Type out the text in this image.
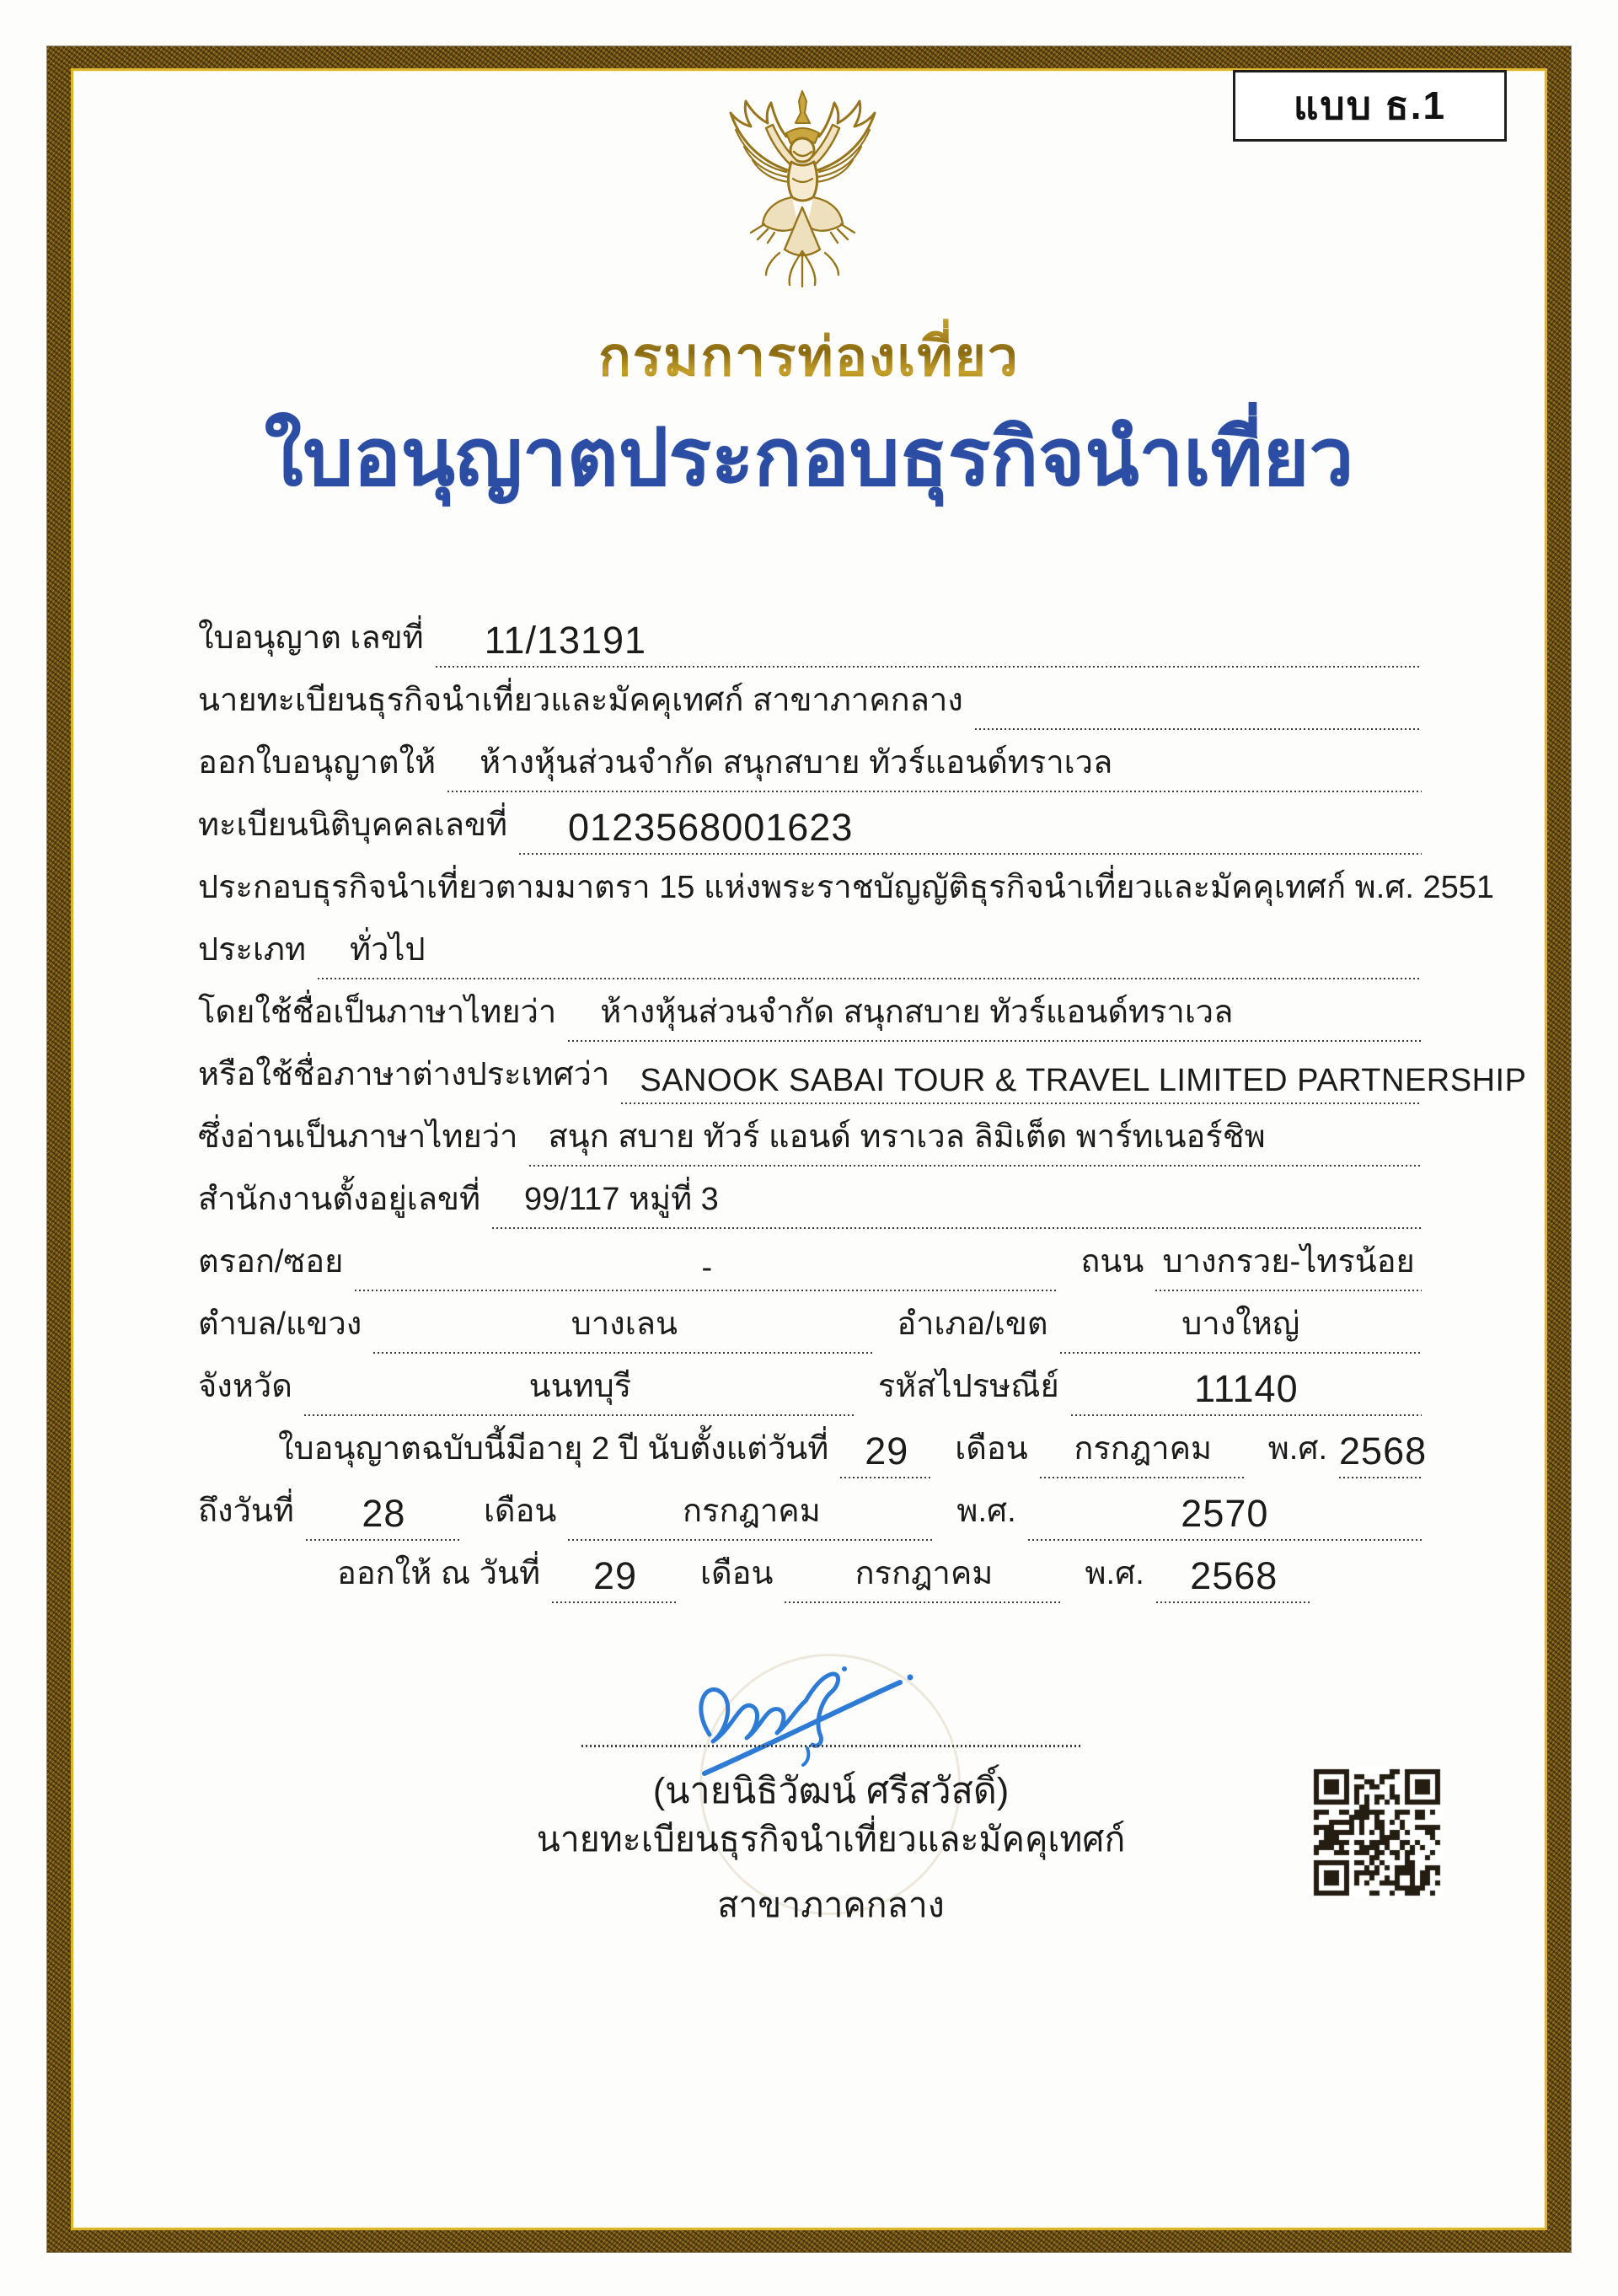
แบบ ธ.1
กรมการท่องเที่ยว
ใบอนุญาตประกอบธุรกิจนำเที่ยว
ใบอนุญาต เลขที่	11/13191
นายทะเบียนธุรกิจนำเที่ยวและมัคคุเทศก์ สาขาภาคกลาง
ออกใบอนุญาตให้	ห้างหุ้นส่วนจำกัด สนุกสบาย ทัวร์แอนด์ทราเวล
ทะเบียนนิติบุคคลเลขที่	0123568001623
ประกอบธุรกิจนำเที่ยวตามมาตรา 15 แห่งพระราชบัญญัติธุรกิจนำเที่ยวและมัคคุเทศก์ พ.ศ. 2551
ประเภท	ทั่วไป
โดยใช้ชื่อเป็นภาษาไทยว่า	ห้างหุ้นส่วนจำกัด สนุกสบาย ทัวร์แอนด์ทราเวล
หรือใช้ชื่อภาษาต่างประเทศว่า SANOOK SABAI TOUR & TRAVEL LIMITED PARTNERSHIP
ซึ่งอ่านเป็นภาษาไทยว่า สนุก สบาย ทัวร์ แอนด์ ทราเวล ลิมิเต็ด พาร์ทเนอร์ชิพ
สำนักงานตั้งอยู่เลขที่	99/117 หมู่ที่ 3
ตรอก/ซอย	-	ถนน บางกรวย-ไทรน้อย
ตำบล/แขวง	บางเลน	อำเภอ/เขต	บางใหญ่
จังหวัด	นนทบุรี	รหัสไปรษณีย์	11140
ใบอนุญาตฉบับนี้มีอายุ 2 ปี นับตั้งแต่วันที่ 29	เดือน	กรกฎาคม	พ.ศ. 2568
ถึงวันที่	28	เดือน	กรกฎาคม	พ.ศ.	2570
ออกให้ ณ วันที่	29	เดือน	กรกฎาคม	พ.ศ.	2568
(นายนิธิวัฒน์ ศรีสวัสดิ์)
นายทะเบียนธุรกิจนำเที่ยวและมัคคุเทศก์
สาขาภาคกลาง
